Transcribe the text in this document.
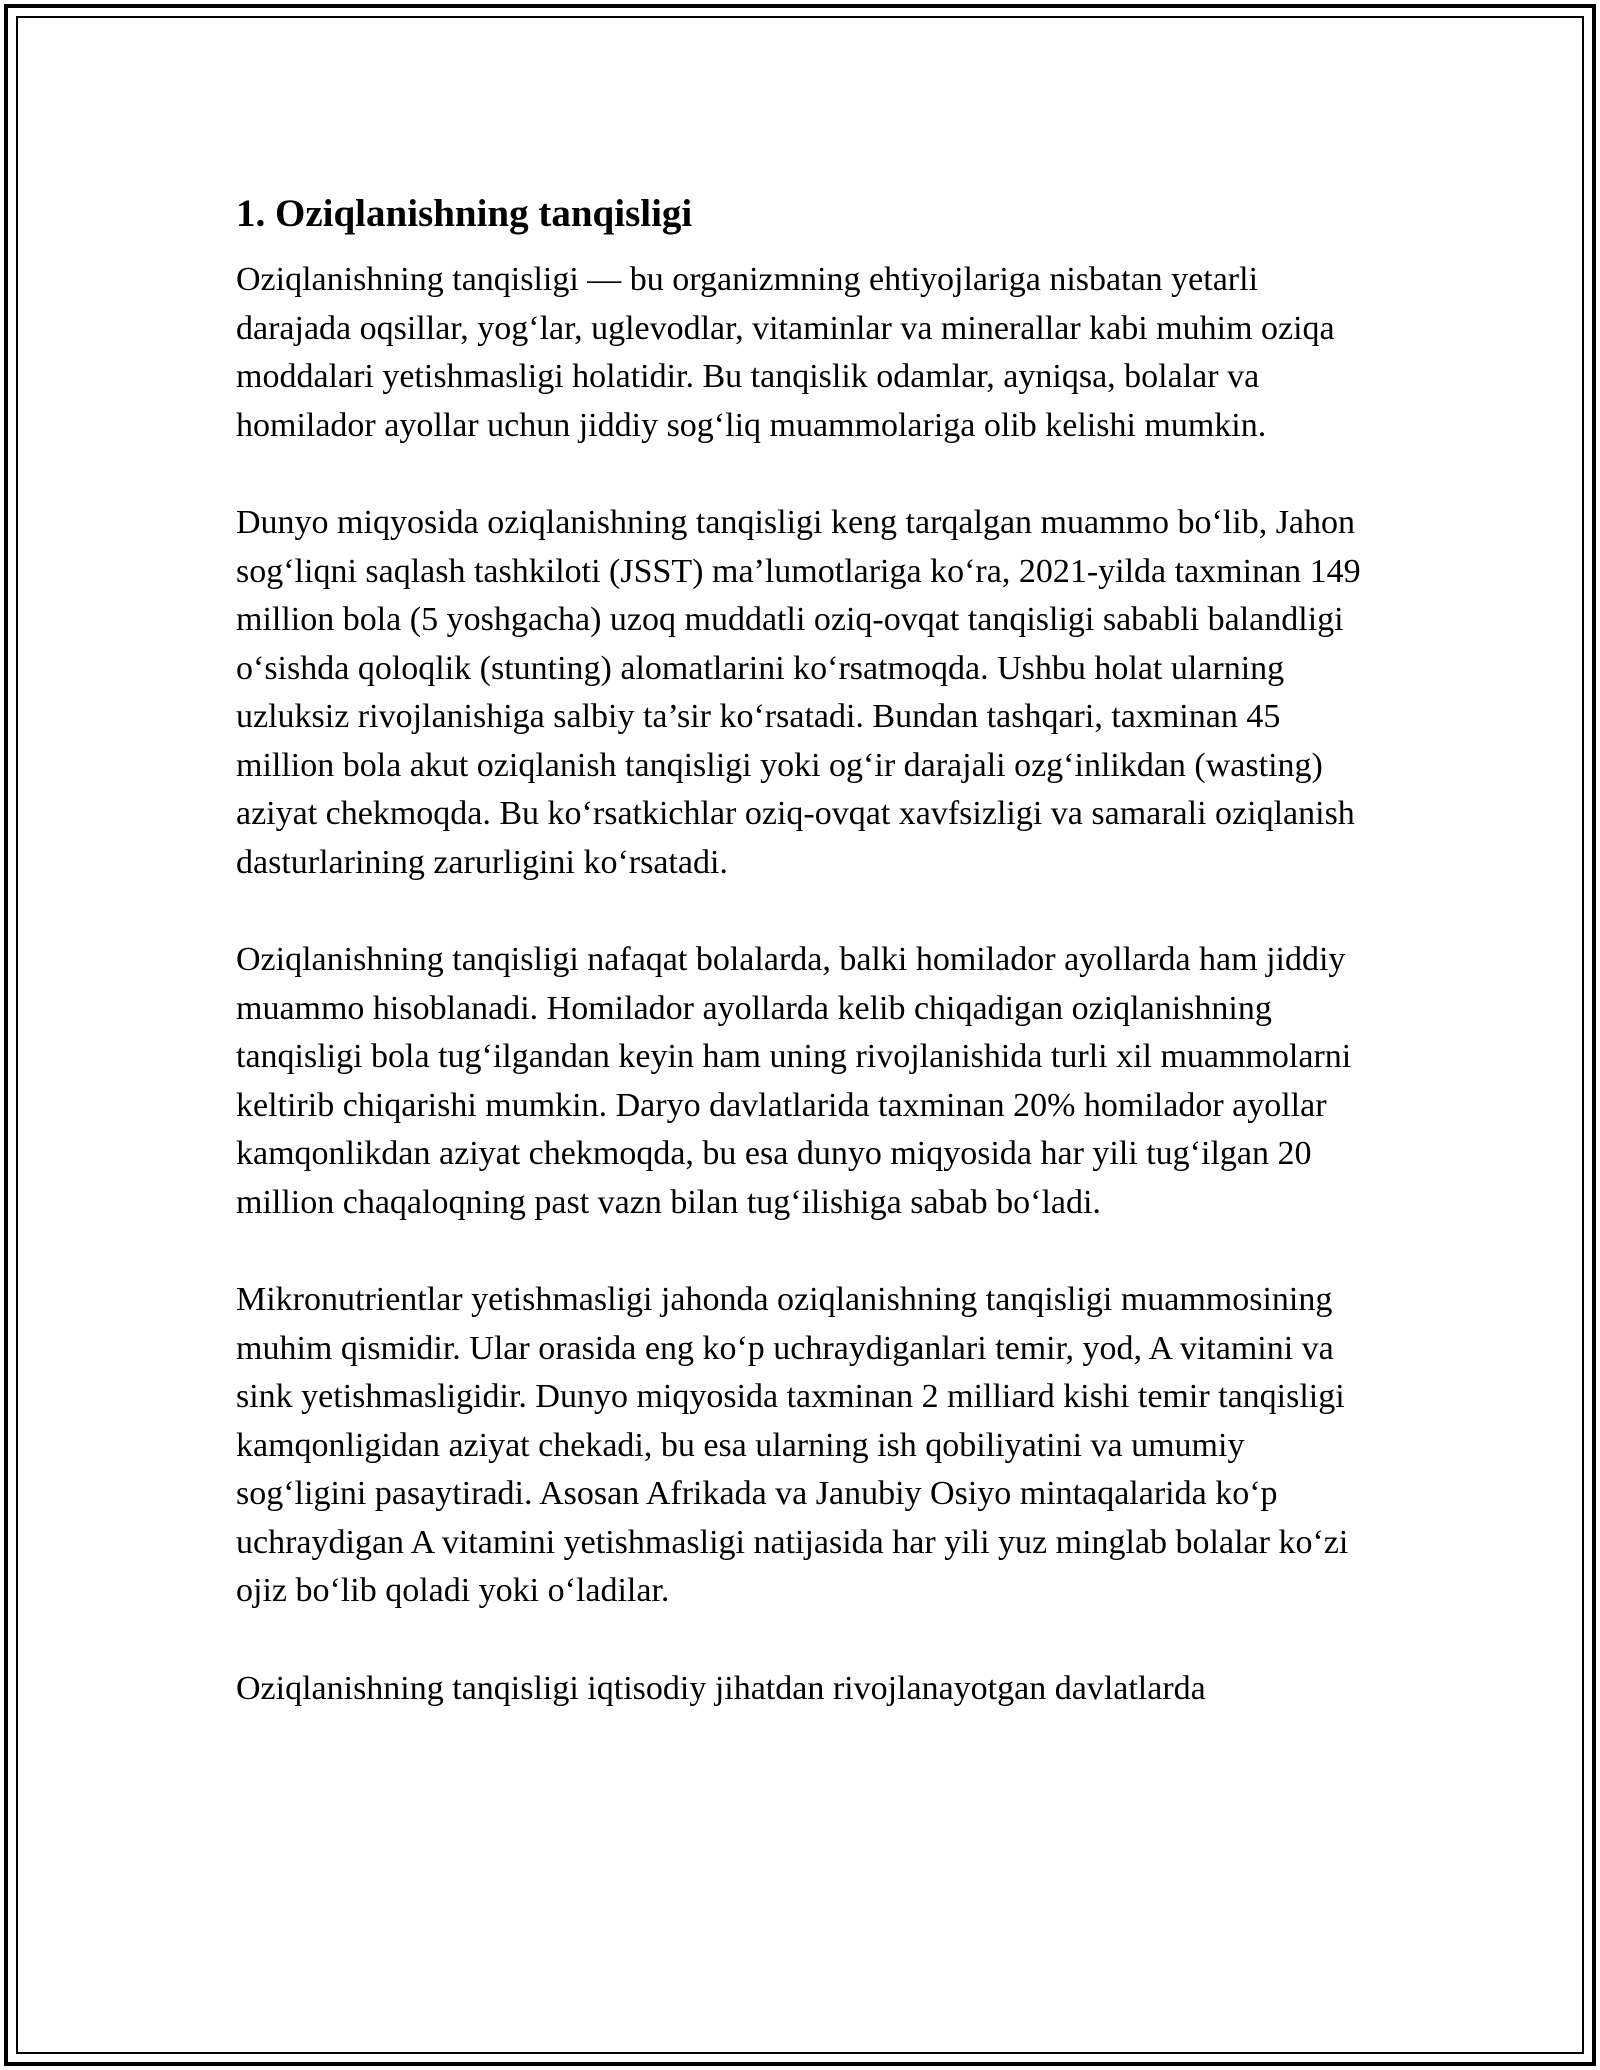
1. Oziqlanishning tanqisligi

Oziqlanishning tanqisligi — bu organizmning ehtiyojlariga nisbatan yetarli darajada oqsillar, yog‘lar, uglevodlar, vitaminlar va minerallar kabi muhim oziqa moddalari yetishmasligi holatidir. Bu tanqislik odamlar, ayniqsa, bolalar va homilador ayollar uchun jiddiy sog‘liq muammolariga olib kelishi mumkin.

Dunyo miqyosida oziqlanishning tanqisligi keng tarqalgan muammo bo‘lib, Jahon sog‘liqni saqlash tashkiloti (JSST) ma’lumotlariga ko‘ra, 2021-yilda taxminan 149 million bola (5 yoshgacha) uzoq muddatli oziq-ovqat tanqisligi sababli balandligi o‘sishda qoloqlik (stunting) alomatlarini ko‘rsatmoqda. Ushbu holat ularning uzluksiz rivojlanishiga salbiy ta’sir ko‘rsatadi. Bundan tashqari, taxminan 45 million bola akut oziqlanish tanqisligi yoki og‘ir darajali ozg‘inlikdan (wasting) aziyat chekmoqda. Bu ko‘rsatkichlar oziq-ovqat xavfsizligi va samarali oziqlanish dasturlarining zarurligini ko‘rsatadi.

Oziqlanishning tanqisligi nafaqat bolalarda, balki homilador ayollarda ham jiddiy muammo hisoblanadi. Homilador ayollarda kelib chiqadigan oziqlanishning tanqisligi bola tug‘ilgandan keyin ham uning rivojlanishida turli xil muammolarni keltirib chiqarishi mumkin. Daryo davlatlarida taxminan 20% homilador ayollar kamqonlikdan aziyat chekmoqda, bu esa dunyo miqyosida har yili tug‘ilgan 20 million chaqaloqning past vazn bilan tug‘ilishiga sabab bo‘ladi.

Mikronutrientlar yetishmasligi jahonda oziqlanishning tanqisligi muammosining muhim qismidir. Ular orasida eng ko‘p uchraydiganlari temir, yod, A vitamini va sink yetishmasligidir. Dunyo miqyosida taxminan 2 milliard kishi temir tanqisligi kamqonligidan aziyat chekadi, bu esa ularning ish qobiliyatini va umumiy sog‘ligini pasaytiradi. Asosan Afrikada va Janubiy Osiyo mintaqalarida ko‘p uchraydigan A vitamini yetishmasligi natijasida har yili yuz minglab bolalar ko‘zi ojiz bo‘lib qoladi yoki o‘ladilar.

Oziqlanishning tanqisligi iqtisodiy jihatdan rivojlanayotgan davlatlarda
